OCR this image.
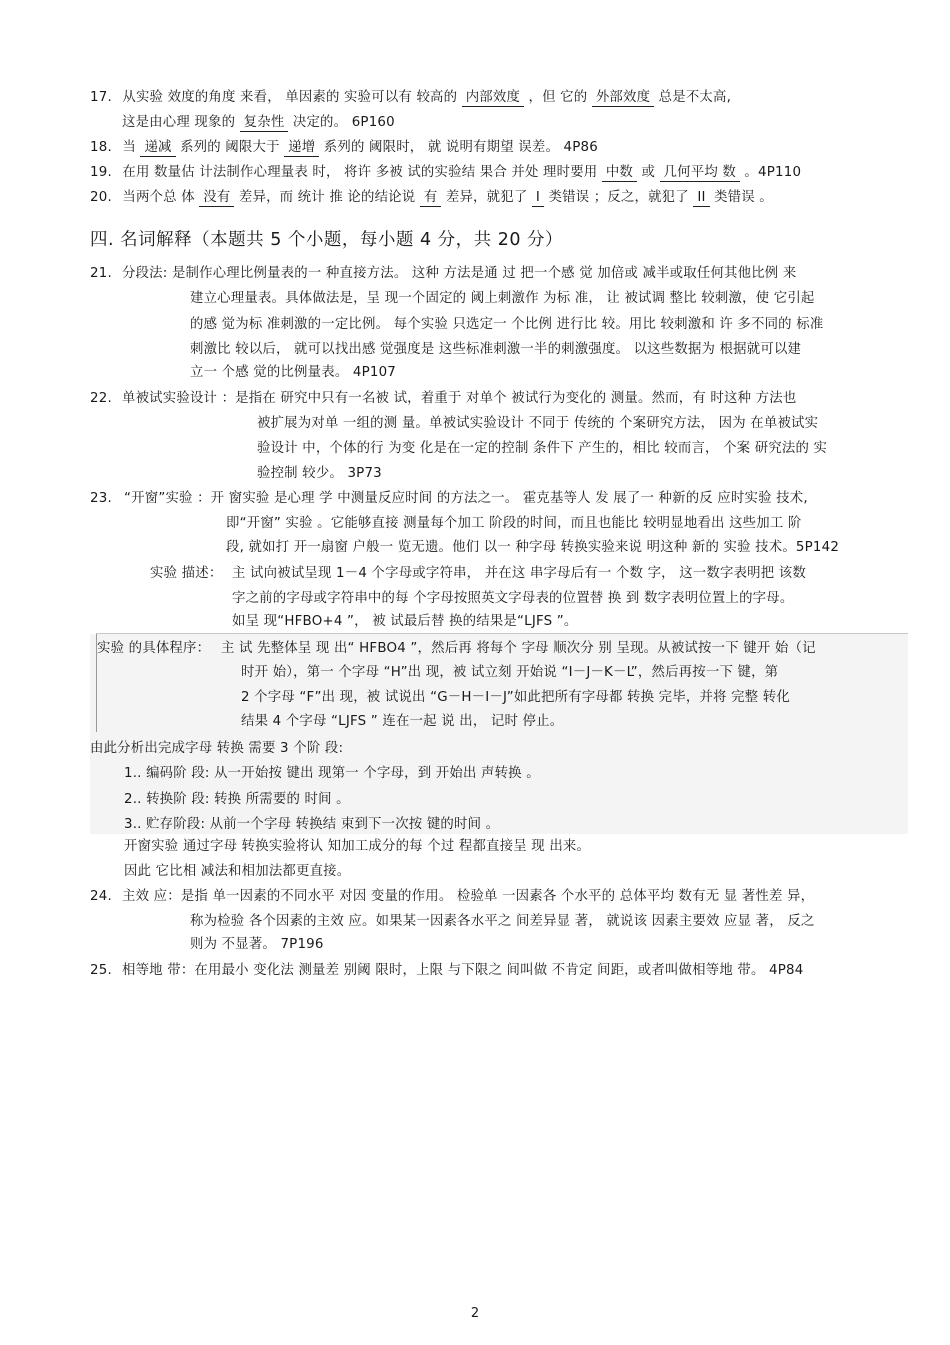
17. 从实验 效度的角度 来看， 单因素的 实验可以有 较高的 内部效度 ，但 它的 外部效度 总是不太高,
这是由心理 现象的 复杂性 决定的。 6P160
18. 当 递减 系列的 阈限大于 递增 系列的 阈限时， 就 说明有期望 误差。 4P86
19. 在用 数量估 计法制作心理量表 时， 将许 多被 试的实验结 果合 并处 理时要用 中数 或 几何平均 数 。4P110
20. 当两个总 体 没有 差异，而 统计 推 论的结论说 有 差异，就犯了 I 类错误 ；反之，就犯了 II 类错误 。
四. 名词解释（本题共 5 个小题，每小题 4 分，共 20 分）
21. 分段法: 是制作心理比例量表的一 种直接方法。 这种 方法是通 过 把一个感 觉 加倍或 减半或取任何其他比例 来
建立心理量表。具体做法是，呈 现一个固定的 阈上刺激作 为标 准， 让 被试调 整比 较刺激，使 它引起
的感 觉为标 准刺激的一定比例。 每个实验 只选定一 个比例 进行比 较。用比 较刺激和 许 多不同的 标准
刺激比 较以后， 就可以找出感 觉强度是 这些标准刺激一半的刺激强度。 以这些数据为 根据就可以建
立一 个感 觉的比例量表。 4P107
22. 单被试实验设计 ：是指在 研究中只有一名被 试，着重于 对单个 被试行为变化的 测量。然而，有 时这种 方法也
被扩展为对单 一组的测 量。单被试实验设计 不同于 传统的 个案研究方法， 因为 在单被试实
验设计 中，个体的行 为变 化是在一定的控制 条件下 产生的，相比 较而言， 个案 研究法的 实
验控制 较少。 3P73
23. “开窗”实验 ：开 窗实验 是心理 学 中测量反应时间 的方法之一。 霍克基等人 发 展了一 种新的反 应时实验 技术,
即“开窗” 实验 。它能够直接 测量每个加工 阶段的时间，而且也能比 较明显地看出 这些加工 阶
段, 就如打 开一扇窗 户般一 览无遗。他们 以一 种字母 转换实验来说 明这种 新的 实验 技术。5P142
实验 描述： 主 试向被试呈现 1－4 个字母或字符串， 并在这 串字母后有一 个数 字， 这一数字表明把 该数
字之前的字母或字符串中的每 个字母按照英文字母表的位置替 换 到 数字表明位置上的字母。
如呈 现“HFBO+4 ”， 被 试最后替 换的结果是“LJFS ”。
实验 的具体程序： 主 试 先整体呈 现 出“ HFBO4 ”，然后再 将每个 字母 顺次分 别 呈现。从被试按一下 键开 始（记
时开 始），第一 个字母 “H”出 现，被 试立刻 开始说 “I－J－K－L”，然后再按一下 键，第
2 个字母 “F”出 现，被 试说出 “G－H－I－J”如此把所有字母都 转换 完毕，并将 完整 转化
结果 4 个字母 “LJFS ” 连在一起 说 出， 记时 停止。
由此分析出完成字母 转换 需要 3 个阶 段:
1.. 编码阶 段: 从一开始按 键出 现第一 个字母，到 开始出 声转换 。
2.. 转换阶 段: 转换 所需要的 时间 。
3.. 贮存阶段: 从前一个字母 转换结 束到下一次按 键的时间 。
开窗实验 通过字母 转换实验将认 知加工成分的每 个过 程都直接呈 现 出来。
因此 它比相 减法和相加法都更直接。
24. 主效 应：是指 单一因素的不同水平 对因 变量的作用。 检验单 一因素各 个水平的 总体平均 数有无 显 著性差 异，
称为检验 各个因素的主效 应。如果某一因素各水平之 间差异显 著， 就说该 因素主要效 应显 著， 反之
则为 不显著。 7P196
25. 相等地 带：在用最小 变化法 测量差 别阈 限时，上限 与下限之 间叫做 不肯定 间距，或者叫做相等地 带。 4P84
2
